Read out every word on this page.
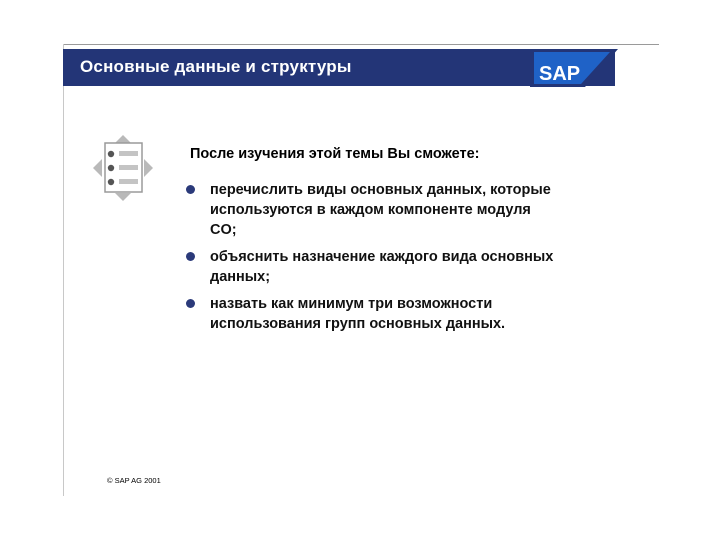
Основные данные и структуры	SAP
После изучения этой темы Вы сможете:
перечислить виды основных данных, которые
используются в каждом компоненте модуля
CO;
объяснить назначение каждого вида основных
данных;
назвать как минимум три возможности
использования групп основных данных.
© SAP AG 2001
